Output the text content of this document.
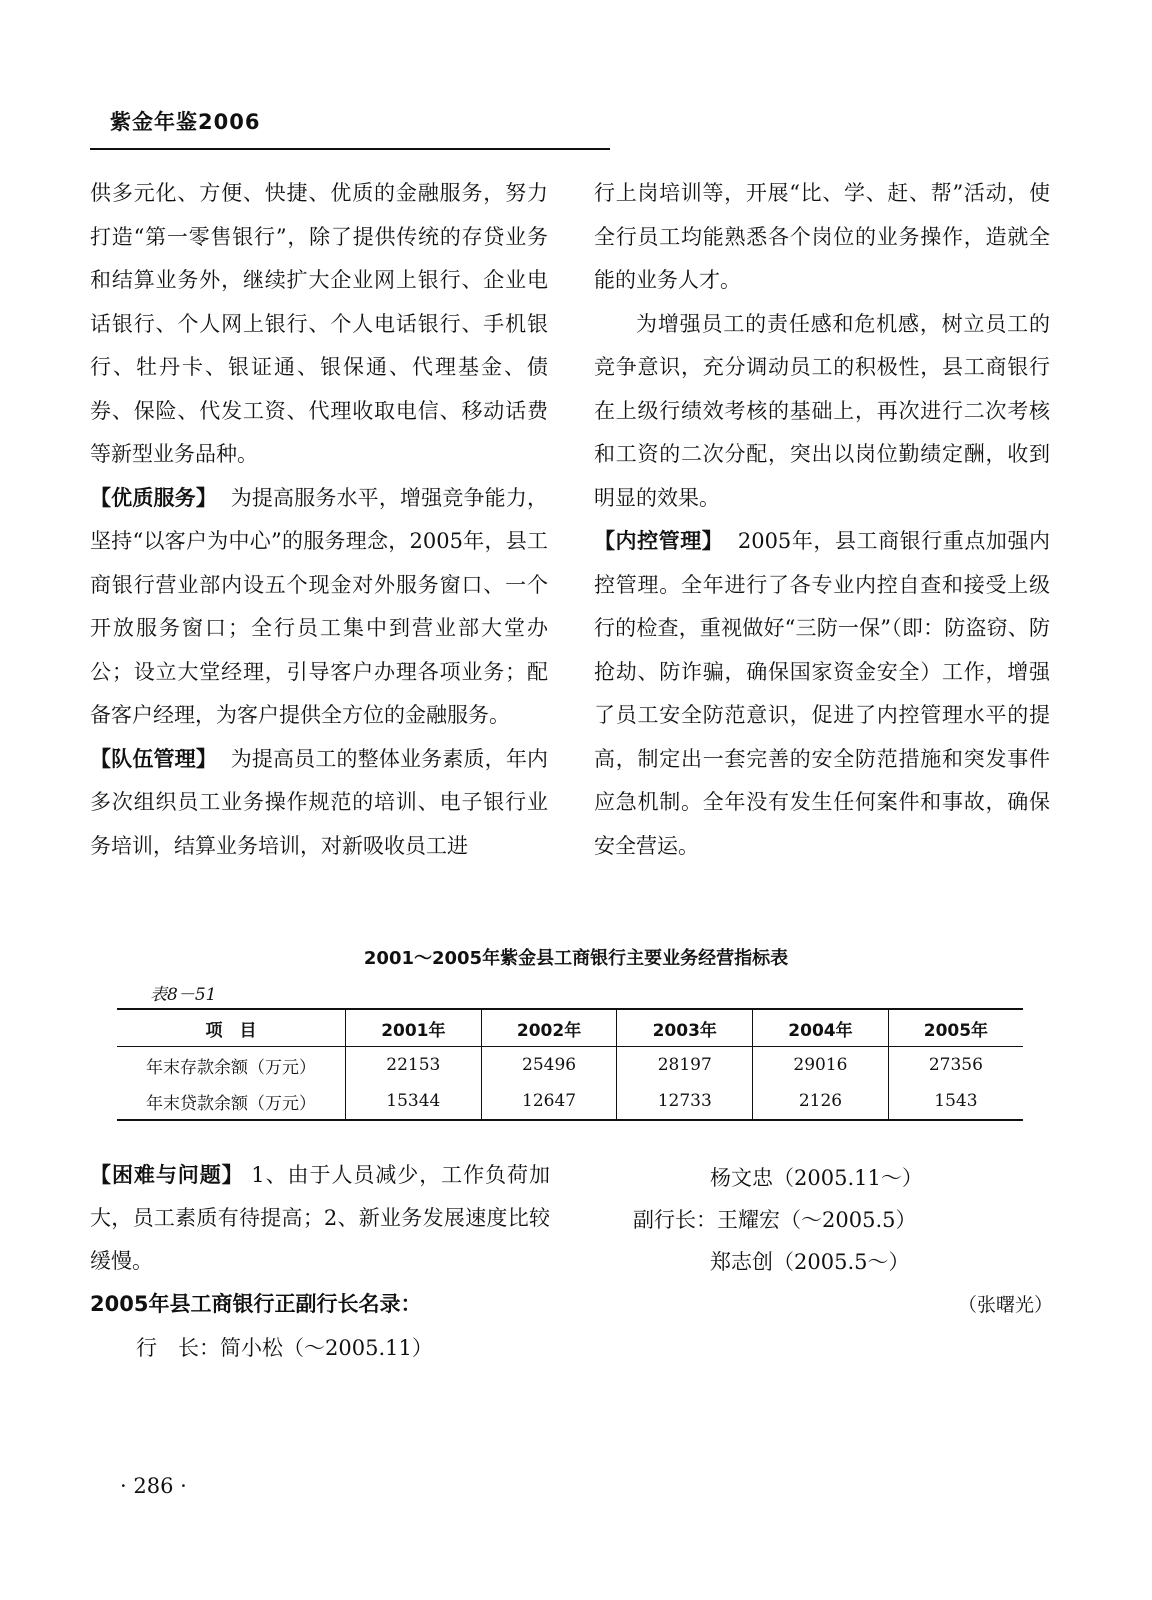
紫金年鉴2006

供多元化、方便、快捷、优质的金融服务，努力打造“第一零售银行”，除了提供传统的存贷业务和结算业务外，继续扩大企业网上银行、企业电话银行、个人网上银行、个人电话银行、手机银行、牡丹卡、银证通、银保通、代理基金、债券、保险、代发工资、代理收取电信、移动话费等新型业务品种。

【优质服务】 为提高服务水平，增强竞争能力，坚持“以客户为中心”的服务理念，2005年，县工商银行营业部内设五个现金对外服务窗口、一个开放服务窗口；全行员工集中到营业部大堂办公；设立大堂经理，引导客户办理各项业务；配备客户经理，为客户提供全方位的金融服务。

【队伍管理】 为提高员工的整体业务素质，年内多次组织员工业务操作规范的培训、电子银行业务培训，结算业务培训，对新吸收员工进

行上岗培训等，开展“比、学、赶、帮”活动，使全行员工均能熟悉各个岗位的业务操作，造就全能的业务人才。

为增强员工的责任感和危机感，树立员工的竞争意识，充分调动员工的积极性，县工商银行在上级行绩效考核的基础上，再次进行二次考核和工资的二次分配，突出以岗位勤绩定酬，收到明显的效果。

【内控管理】 2005年，县工商银行重点加强内控管理。全年进行了各专业内控自查和接受上级行的检查，重视做好“三防一保”（即：防盗窃、防抢劫、防诈骗，确保国家资金安全）工作，增强了员工安全防范意识，促进了内控管理水平的提高，制定出一套完善的安全防范措施和突发事件应急机制。全年没有发生任何案件和事故，确保安全营运。

2001～2005年紫金县工商银行主要业务经营指标表
表8－51
项　目	2001年	2002年	2003年	2004年	2005年
年末存款余额（万元）	22153	25496	28197	29016	27356
年末贷款余额（万元）	15344	12647	12733	2126	1543

【困难与问题】 1、由于人员减少，工作负荷加大，员工素质有待提高；2、新业务发展速度比较缓慢。

2005年县工商银行正副行长名录：
行　长：简小松（～2005.11）
杨文忠（2005.11～）
副行长：王耀宏（～2005.5）
郑志创（2005.5～）
（张曙光）
· 286 ·
